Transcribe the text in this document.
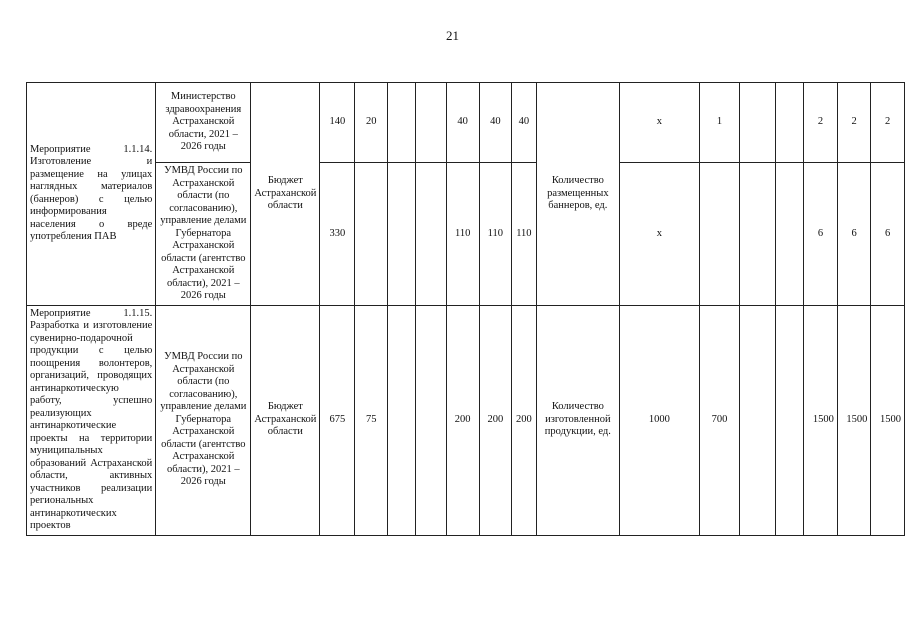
21
Мероприятие 1.1.14. Изготовление и размещение на улицах наглядных материалов (баннеров) с целью информирования населения о вреде употребления ПАВ	Министерство здравоохранения Астраханской области, 2021 – 2026 годы	Бюджет Астраханской области	140	20			40	40	40	Количество размещенных баннеров, ед.	х	1			2	2	2
	УМВД России по Астраханской области (по согласованию), управление делами Губернатора Астраханской области (агентство Астраханской области), 2021 – 2026 годы		330				110	110	110		х				6	6	6
Мероприятие 1.1.15. Разработка и изготовление сувенирно-подарочной продукции с целью поощрения волонтеров, организаций, проводящих антинаркотическую работу, успешно реализующих антинаркотические проекты на территории муниципальных образований Астраханской области, активных участников реализации региональных антинаркотических проектов	УМВД России по Астраханской области (по согласованию), управление делами Губернатора Астраханской области (агентство Астраханской области), 2021 – 2026 годы	Бюджет Астраханской области	675	75			200	200	200	Количество изготовленной продукции, ед.	1000	700			1500	1500	1500
